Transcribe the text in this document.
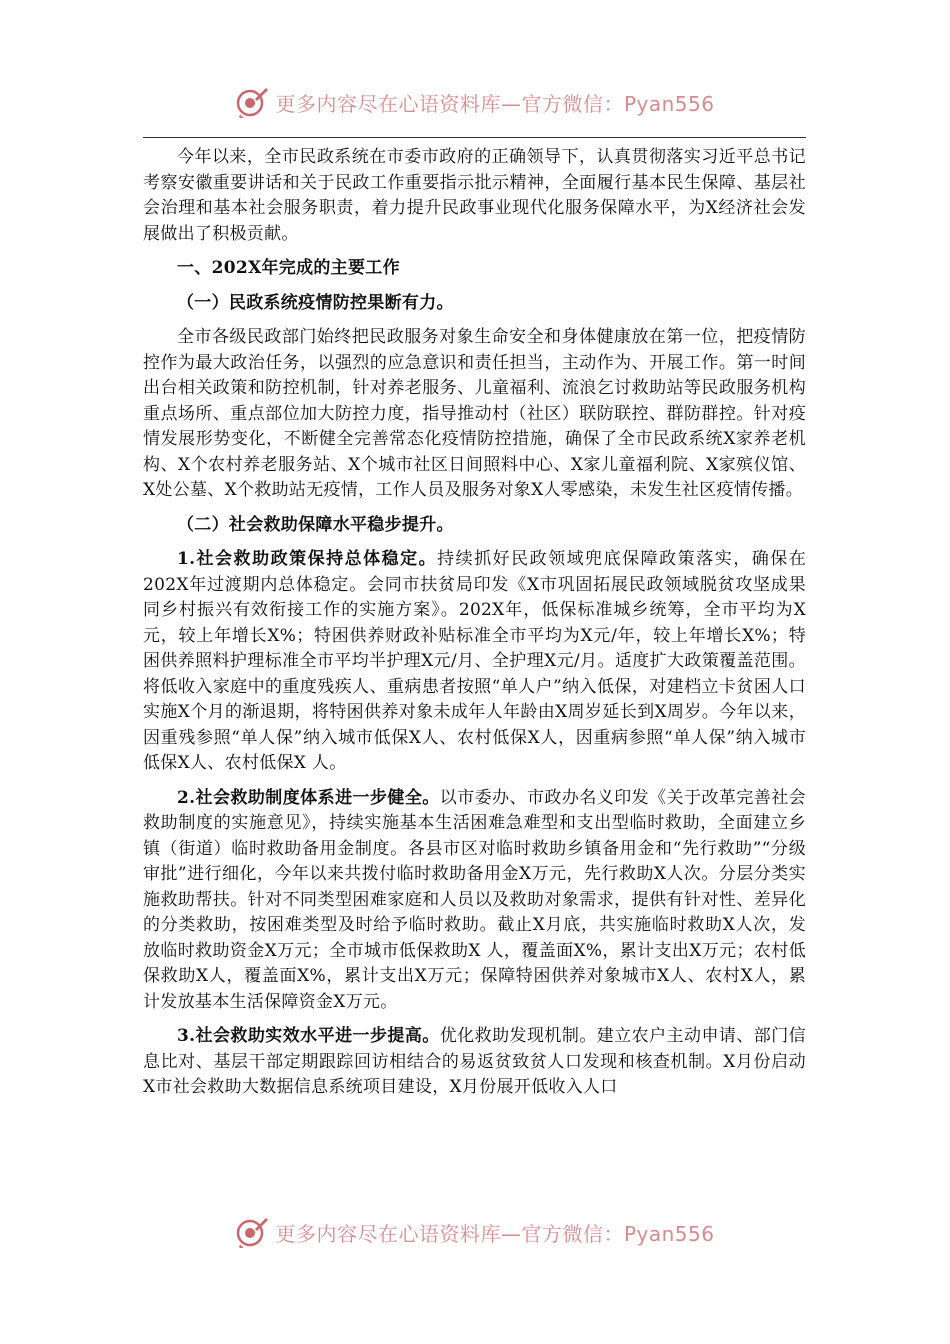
更多内容尽在心语资料库—官方微信：Pyan556

今年以来，全市民政系统在市委市政府的正确领导下，认真贯彻落实习近平总书记考察安徽重要讲话和关于民政工作重要指示批示精神，全面履行基本民生保障、基层社会治理和基本社会服务职责，着力提升民政事业现代化服务保障水平，为X经济社会发展做出了积极贡献。

一、202X年完成的主要工作

（一）民政系统疫情防控果断有力。

全市各级民政部门始终把民政服务对象生命安全和身体健康放在第一位，把疫情防控作为最大政治任务，以强烈的应急意识和责任担当，主动作为、开展工作。第一时间出台相关政策和防控机制，针对养老服务、儿童福利、流浪乞讨救助站等民政服务机构重点场所、重点部位加大防控力度，指导推动村（社区）联防联控、群防群控。针对疫情发展形势变化，不断健全完善常态化疫情防控措施，确保了全市民政系统X家养老机构、X个农村养老服务站、X个城市社区日间照料中心、X家儿童福利院、X家殡仪馆、X处公墓、X个救助站无疫情，工作人员及服务对象X人零感染，未发生社区疫情传播。

（二）社会救助保障水平稳步提升。

1.社会救助政策保持总体稳定。持续抓好民政领域兜底保障政策落实，确保在202X年过渡期内总体稳定。会同市扶贫局印发《X市巩固拓展民政领域脱贫攻坚成果同乡村振兴有效衔接工作的实施方案》。202X年，低保标准城乡统筹，全市平均为X元，较上年增长X%；特困供养财政补贴标准全市平均为X元/年，较上年增长X%；特困供养照料护理标准全市平均半护理X元/月、全护理X元/月。适度扩大政策覆盖范围。将低收入家庭中的重度残疾人、重病患者按照“单人户”纳入低保，对建档立卡贫困人口实施X个月的渐退期，将特困供养对象未成年人年龄由X周岁延长到X周岁。今年以来，因重残参照“单人保”纳入城市低保X人、农村低保X人，因重病参照“单人保”纳入城市低保X人、农村低保X 人。

2.社会救助制度体系进一步健全。以市委办、市政办名义印发《关于改革完善社会救助制度的实施意见》，持续实施基本生活困难急难型和支出型临时救助，全面建立乡镇（街道）临时救助备用金制度。各县市区对临时救助乡镇备用金和“先行救助”“分级审批”进行细化，今年以来共拨付临时救助备用金X万元，先行救助X人次。分层分类实施救助帮扶。针对不同类型困难家庭和人员以及救助对象需求，提供有针对性、差异化的分类救助，按困难类型及时给予临时救助。截止X月底，共实施临时救助X人次，发放临时救助资金X万元；全市城市低保救助X 人，覆盖面X%，累计支出X万元；农村低保救助X人，覆盖面X%，累计支出X万元；保障特困供养对象城市X人、农村X人，累计发放基本生活保障资金X万元。

3.社会救助实效水平进一步提高。优化救助发现机制。建立农户主动申请、部门信息比对、基层干部定期跟踪回访相结合的易返贫致贫人口发现和核查机制。X月份启动X市社会救助大数据信息系统项目建设，X月份展开低收入人口

更多内容尽在心语资料库—官方微信：Pyan556
